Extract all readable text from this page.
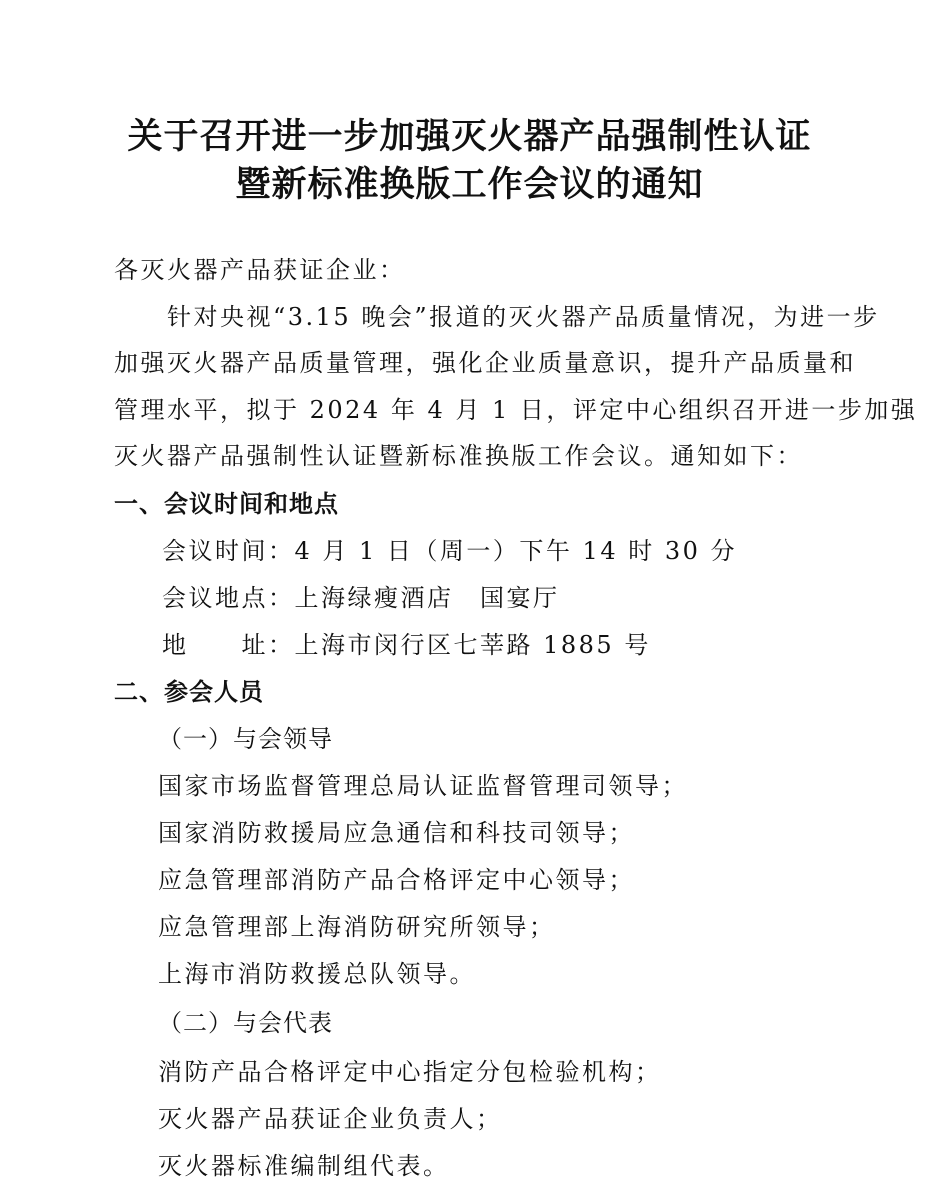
关于召开进一步加强灭火器产品强制性认证
暨新标准换版工作会议的通知
各灭火器产品获证企业：
　　针对央视“3.15 晚会”报道的灭火器产品质量情况，为进一步
加强灭火器产品质量管理，强化企业质量意识，提升产品质量和
管理水平，拟于 2024 年 4 月 1 日，评定中心组织召开进一步加强
灭火器产品强制性认证暨新标准换版工作会议。通知如下：
一、会议时间和地点
会议时间：4 月 1 日（周一）下午 14 时 30 分
会议地点：上海绿瘦酒店　国宴厅
地　　址：上海市闵行区七莘路 1885 号
二、参会人员
（一）与会领导
国家市场监督管理总局认证监督管理司领导；
国家消防救援局应急通信和科技司领导；
应急管理部消防产品合格评定中心领导；
应急管理部上海消防研究所领导；
上海市消防救援总队领导。
（二）与会代表
消防产品合格评定中心指定分包检验机构；
灭火器产品获证企业负责人；
灭火器标准编制组代表。
